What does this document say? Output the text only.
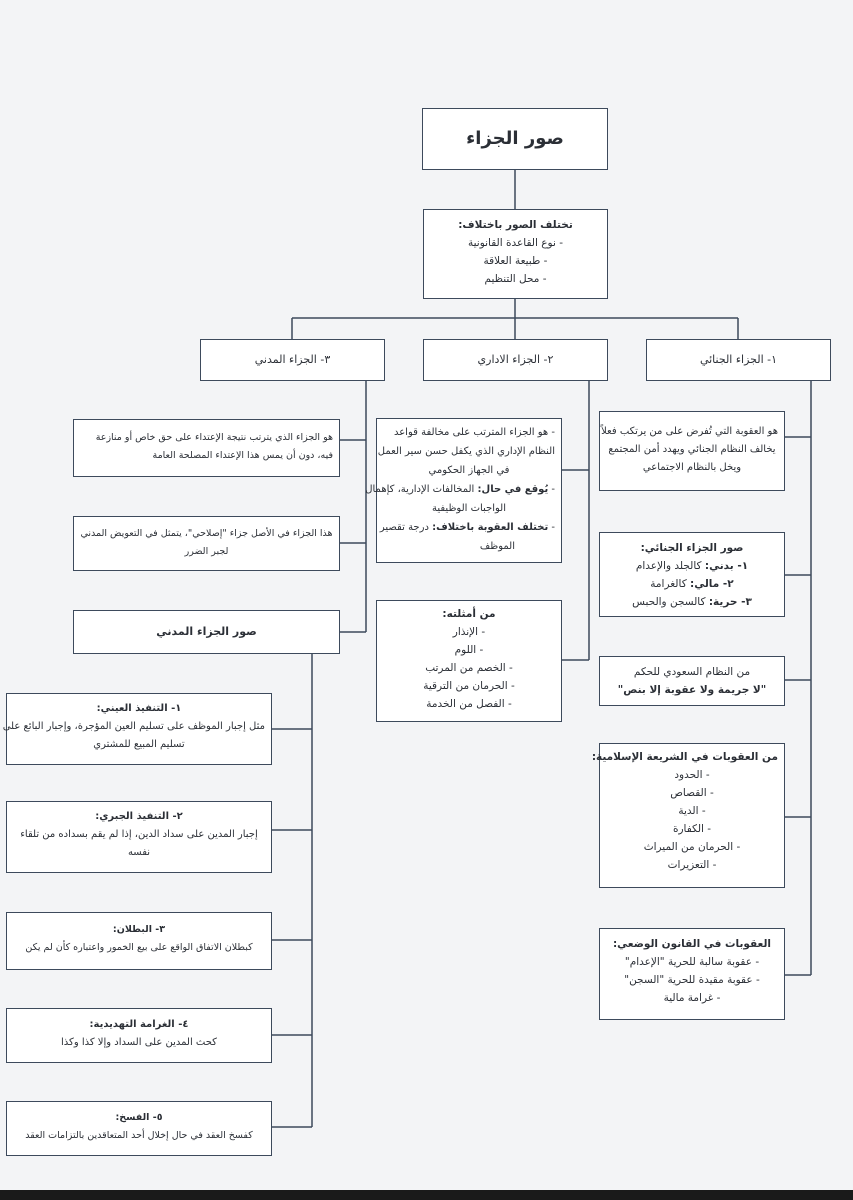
صور الجزاء
تختلف الصور باختلاف:
- نوع القاعدة القانونية
- طبيعة العلاقة
- محل التنظيم
١- الجزاء الجنائي
٢- الجزاء الاداري
٣- الجزاء المدني
هو العقوبة التي تُفرض على من يرتكب فعلاً
يخالف النظام الجنائي ويهدد أمن المجتمع
ويخل بالنظام الاجتماعي
صور الجزاء الجنائي:
١- بدني: كالجلد والإعدام
٢- مالي: كالغرامة
٣- حرية: كالسجن والحبس
من النظام السعودي للحكم
"لا جريمة ولا عقوبة إلا بنص"
من العقوبات في الشريعة الإسلامية:
- الحدود
- القصاص
- الدية
- الكفارة
- الحرمان من الميراث
- التعزيرات
العقوبات في القانون الوضعي:
- عقوبة سالبة للحرية "الإعدام"
- عقوبة مقيدة للحرية "السجن"
- غرامة مالية
- هو الجزاء المترتب على مخالفة قواعد
النظام الإداري الذي يكفل حسن سير العمل
في الجهاز الحكومي
- يُوقع في حال: المخالفات الإدارية، كإهمال
الواجبات الوظيفية
- تختلف العقوبة باختلاف: درجة تقصير
الموظف
من أمثلته:
- الإنذار
- اللوم
- الخصم من المرتب
- الحرمان من الترقية
- الفصل من الخدمة
هو الجزاء الذي يترتب نتيجة الإعتداء على حق خاص أو منازعة
فيه، دون أن يمس هذا الإعتداء المصلحة العامة
هذا الجزاء في الأصل جزاء "إصلاحي"، يتمثل في التعويض المدني
لجبر الضرر
صور الجزاء المدني
١- التنفيذ العيني:
مثل إجبار الموظف على تسليم العين المؤجرة، وإجبار البائع على
تسليم المبيع للمشتري
٢- التنفيذ الجبري:
إجبار المدين على سداد الدين، إذا لم يقم بسداده من تلقاء
نفسه
٣- البطلان:
كبطلان الاتفاق الواقع على بيع الخمور واعتباره كأن لم يكن
٤- الغرامة التهديدية:
كحث المدين على السداد وإلا كذا وكذا
٥- الفسخ:
كفسخ العقد في حال إخلال أحد المتعاقدين بالتزامات العقد
